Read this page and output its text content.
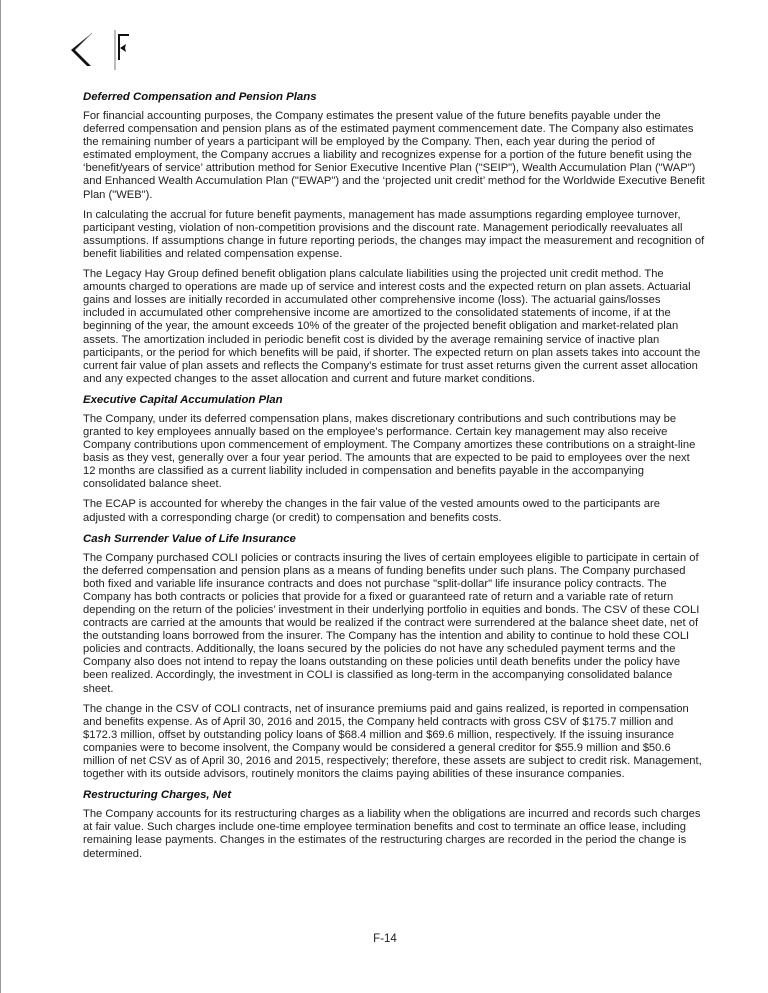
Deferred Compensation and Pension Plans

For financial accounting purposes, the Company estimates the present value of the future benefits payable under the deferred compensation and pension plans as of the estimated payment commencement date. The Company also estimates the remaining number of years a participant will be employed by the Company. Then, each year during the period of estimated employment, the Company accrues a liability and recognizes expense for a portion of the future benefit using the ‘benefit/years of service’ attribution method for Senior Executive Incentive Plan ("SEIP"), Wealth Accumulation Plan ("WAP") and Enhanced Wealth Accumulation Plan ("EWAP") and the ‘projected unit credit’ method for the Worldwide Executive Benefit Plan ("WEB").

In calculating the accrual for future benefit payments, management has made assumptions regarding employee turnover, participant vesting, violation of non-competition provisions and the discount rate. Management periodically reevaluates all assumptions. If assumptions change in future reporting periods, the changes may impact the measurement and recognition of benefit liabilities and related compensation expense.

The Legacy Hay Group defined benefit obligation plans calculate liabilities using the projected unit credit method. The amounts charged to operations are made up of service and interest costs and the expected return on plan assets. Actuarial gains and losses are initially recorded in accumulated other comprehensive income (loss). The actuarial gains/losses included in accumulated other comprehensive income are amortized to the consolidated statements of income, if at the beginning of the year, the amount exceeds 10% of the greater of the projected benefit obligation and market-related plan assets. The amortization included in periodic benefit cost is divided by the average remaining service of inactive plan participants, or the period for which benefits will be paid, if shorter. The expected return on plan assets takes into account the current fair value of plan assets and reflects the Company’s estimate for trust asset returns given the current asset allocation and any expected changes to the asset allocation and current and future market conditions.

Executive Capital Accumulation Plan

The Company, under its deferred compensation plans, makes discretionary contributions and such contributions may be granted to key employees annually based on the employee’s performance. Certain key management may also receive Company contributions upon commencement of employment. The Company amortizes these contributions on a straight-line basis as they vest, generally over a four year period. The amounts that are expected to be paid to employees over the next 12 months are classified as a current liability included in compensation and benefits payable in the accompanying consolidated balance sheet.

The ECAP is accounted for whereby the changes in the fair value of the vested amounts owed to the participants are adjusted with a corresponding charge (or credit) to compensation and benefits costs.

Cash Surrender Value of Life Insurance

The Company purchased COLI policies or contracts insuring the lives of certain employees eligible to participate in certain of the deferred compensation and pension plans as a means of funding benefits under such plans. The Company purchased both fixed and variable life insurance contracts and does not purchase "split-dollar" life insurance policy contracts. The Company has both contracts or policies that provide for a fixed or guaranteed rate of return and a variable rate of return depending on the return of the policies’ investment in their underlying portfolio in equities and bonds. The CSV of these COLI contracts are carried at the amounts that would be realized if the contract were surrendered at the balance sheet date, net of the outstanding loans borrowed from the insurer. The Company has the intention and ability to continue to hold these COLI policies and contracts. Additionally, the loans secured by the policies do not have any scheduled payment terms and the Company also does not intend to repay the loans outstanding on these policies until death benefits under the policy have been realized. Accordingly, the investment in COLI is classified as long-term in the accompanying consolidated balance sheet.

The change in the CSV of COLI contracts, net of insurance premiums paid and gains realized, is reported in compensation and benefits expense. As of April 30, 2016 and 2015, the Company held contracts with gross CSV of $175.7 million and $172.3 million, offset by outstanding policy loans of $68.4 million and $69.6 million, respectively. If the issuing insurance companies were to become insolvent, the Company would be considered a general creditor for $55.9 million and $50.6 million of net CSV as of April 30, 2016 and 2015, respectively; therefore, these assets are subject to credit risk. Management, together with its outside advisors, routinely monitors the claims paying abilities of these insurance companies.

Restructuring Charges, Net

The Company accounts for its restructuring charges as a liability when the obligations are incurred and records such charges at fair value. Such charges include one-time employee termination benefits and cost to terminate an office lease, including remaining lease payments. Changes in the estimates of the restructuring charges are recorded in the period the change is determined.

F-14
